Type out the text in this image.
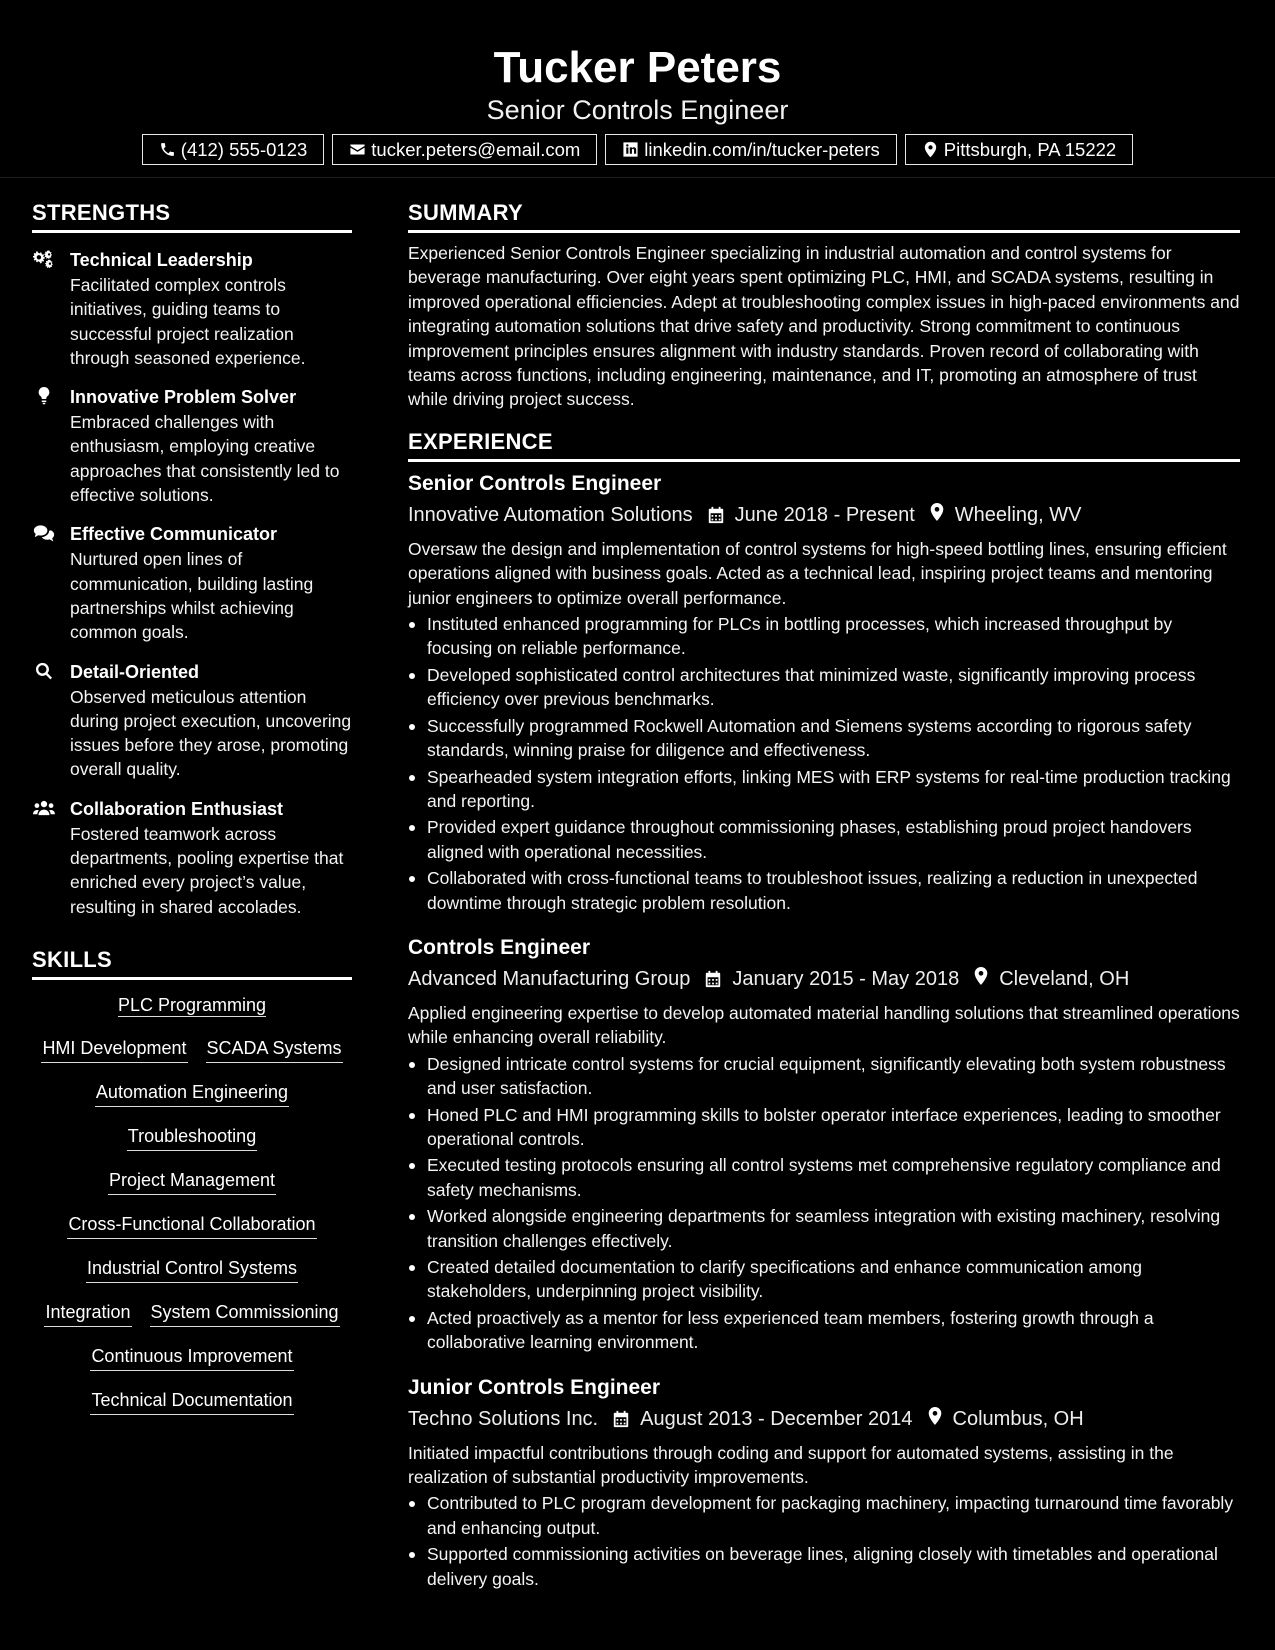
Tucker Peters
Senior Controls Engineer
(412) 555-0123	tucker.peters@email.com	linkedin.com/in/tucker-peters	Pittsburgh, PA 15222
STRENGTHS
Technical Leadership
Facilitated complex controls initiatives, guiding teams to successful project realization through seasoned experience.
Innovative Problem Solver
Embraced challenges with enthusiasm, employing creative approaches that consistently led to effective solutions.
Effective Communicator
Nurtured open lines of communication, building lasting partnerships whilst achieving common goals.
Detail-Oriented
Observed meticulous attention during project execution, uncovering issues before they arose, promoting overall quality.
Collaboration Enthusiast
Fostered teamwork across departments, pooling expertise that enriched every project’s value, resulting in shared accolades.
SKILLS
PLC Programming
HMI Development SCADA Systems
Automation Engineering
Troubleshooting
Project Management
Cross-Functional Collaboration
Industrial Control Systems
Integration System Commissioning
Continuous Improvement
Technical Documentation
SUMMARY
Experienced Senior Controls Engineer specializing in industrial automation and control systems for beverage manufacturing. Over eight years spent optimizing PLC, HMI, and SCADA systems, resulting in improved operational efficiencies. Adept at troubleshooting complex issues in high-paced environments and integrating automation solutions that drive safety and productivity. Strong commitment to continuous improvement principles ensures alignment with industry standards. Proven record of collaborating with teams across functions, including engineering, maintenance, and IT, promoting an atmosphere of trust while driving project success.
EXPERIENCE
Senior Controls Engineer
Innovative Automation Solutions June 2018 - Present Wheeling, WV
Oversaw the design and implementation of control systems for high-speed bottling lines, ensuring efficient operations aligned with business goals. Acted as a technical lead, inspiring project teams and mentoring junior engineers to optimize overall performance.
Instituted enhanced programming for PLCs in bottling processes, which increased throughput by focusing on reliable performance.
Developed sophisticated control architectures that minimized waste, significantly improving process efficiency over previous benchmarks.
Successfully programmed Rockwell Automation and Siemens systems according to rigorous safety standards, winning praise for diligence and effectiveness.
Spearheaded system integration efforts, linking MES with ERP systems for real-time production tracking and reporting.
Provided expert guidance throughout commissioning phases, establishing proud project handovers aligned with operational necessities.
Collaborated with cross-functional teams to troubleshoot issues, realizing a reduction in unexpected downtime through strategic problem resolution.
Controls Engineer
Advanced Manufacturing Group January 2015 - May 2018 Cleveland, OH
Applied engineering expertise to develop automated material handling solutions that streamlined operations while enhancing overall reliability.
Designed intricate control systems for crucial equipment, significantly elevating both system robustness and user satisfaction.
Honed PLC and HMI programming skills to bolster operator interface experiences, leading to smoother operational controls.
Executed testing protocols ensuring all control systems met comprehensive regulatory compliance and safety mechanisms.
Worked alongside engineering departments for seamless integration with existing machinery, resolving transition challenges effectively.
Created detailed documentation to clarify specifications and enhance communication among stakeholders, underpinning project visibility.
Acted proactively as a mentor for less experienced team members, fostering growth through a collaborative learning environment.
Junior Controls Engineer
Techno Solutions Inc. August 2013 - December 2014 Columbus, OH
Initiated impactful contributions through coding and support for automated systems, assisting in the realization of substantial productivity improvements.
Contributed to PLC program development for packaging machinery, impacting turnaround time favorably and enhancing output.
Supported commissioning activities on beverage lines, aligning closely with timetables and operational delivery goals.
